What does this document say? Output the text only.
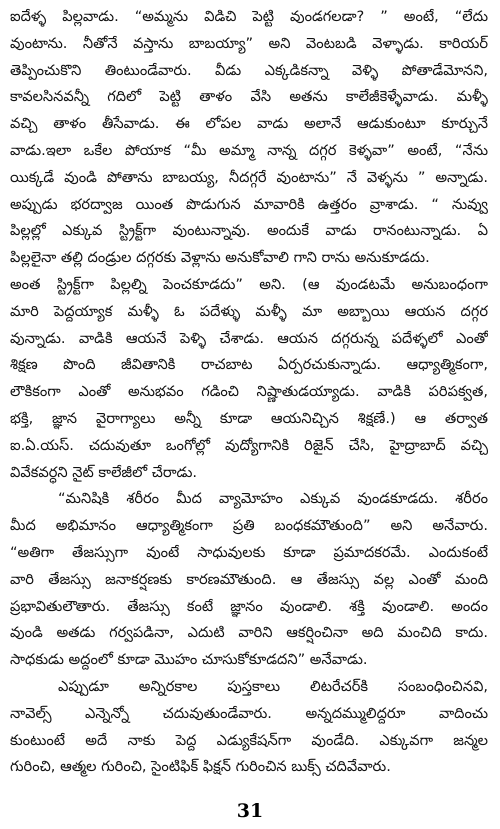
ఐదేళ్ళ పిల్లవాడు. “అమ్మను విడిచి పెట్టి వుండగలడా? ” అంటే, “లేదు
వుంటాను. నీతోనే వస్తాను బాబయ్యా” అని వెంటబడి వెళ్ళాడు. కారియర్
తెప్పించుకొని తింటుండేవారు. వీడు ఎక్కడికన్నా వెళ్ళి పోతాడేమోనని,
కావలసినవన్నీ గదిలో పెట్టి తాళం వేసి అతను కాలేజీకెళ్ళేవాడు. మళ్ళీ
వచ్చి తాళం తీసేవాడు. ఈ లోపల వాడు అలానే ఆడుకుంటూ కూర్చునే
వాడు.ఇలా ఒకేల పోయాక “మీ అమ్మా నాన్న దగ్గర కెళ్ళవా” అంటే, “నేను
యిక్కడే వుండి పోతాను బాబయ్య, నీదగ్గరే వుంటాను” నే వెళ్ళను ” అన్నాడు.
అప్పుడు భరద్వాజ యింత పొడుగున మావారికి ఉత్తరం వ్రాశాడు. “ నువ్వు
పిల్లల్లో ఎక్కువ స్ట్రిక్ట్‌గా వుంటున్నావు. అందుకే వాడు రానంటున్నాడు. ఏ
పిల్లలైనా తల్లి దండ్రుల దగ్గరకు వెళ్లాను అనుకోవాలి గాని రాను అనుకూడదు.
అంత స్ట్రిక్ట్‌గా పిల్లల్ని పెంచకూడదు” అని. (ఆ వుండటమే అనుబంధంగా
మారి పెద్దయ్యాక మళ్ళీ ఓ పదేళ్ళు మళ్ళీ మా అబ్బాయి ఆయన దగ్గర
వున్నాడు. వాడికి ఆయనే పెళ్ళి చేశాడు. ఆయన దగ్గరున్న పదేళ్ళలో ఎంతో
శిక్షణ పొంది జీవితానికి రాచబాట ఏర్పరచుకున్నాడు. ఆధ్యాత్మికంగా,
లౌకికంగా ఎంతో అనుభవం గడించి నిష్ణాతుడయ్యాడు. వాడికి పరిపక్వత,
భక్తి, జ్ఞాన వైరాగ్యాలు అన్నీ కూడా ఆయనిచ్చిన శిక్షణే.) ఆ తర్వాత
ఐ.ఏ.యస్. చదువుతూ ఒంగోల్లో వుద్యోగానికి రిజైన్ చేసి, హైద్రాబాద్ వచ్చి
వివేకవర్ధని నైట్ కాలేజీలో చేరాడు.
“మనిషికి శరీరం మీద వ్యామోహం ఎక్కువ వుండకూడదు. శరీరం
మీద అభిమానం ఆధ్యాత్మికంగా ప్రతి బంధకమౌతుంది” అని అనేవారు.
“అతిగా తేజస్సుగా వుంటే సాధువులకు కూడా ప్రమాదకరమే. ఎందుకంటే
వారి తేజస్సు జనాకర్షణకు కారణమౌతుంది. ఆ తేజస్సు వల్ల ఎంతో మంది
ప్రభావితులౌతారు. తేజస్సు కంటే జ్ఞానం వుండాలి. శక్తి వుండాలి. అందం
వుండి అతడు గర్వపడినా, ఎదుటి వారిని ఆకర్షించినా అది మంచిది కాదు.
సాధకుడు అద్దంలో కూడా మొహం చూసుకోకూడదని” అనేవాడు.
ఎప్పుడూ అన్నిరకాల పుస్తకాలు లిటరేచర్‌కి సంబంధించినవి,
నావెల్స్ ఎన్నెన్నో చదువుతుండేవారు. అన్నదమ్ములిద్దరూ వాదించు
కుంటుంటే అదే నాకు పెద్ద ఎడ్యుకేషన్‌గా వుండేది. ఎక్కువగా జన్మల
గురించి, ఆత్మల గురించి, సైంటిఫిక్ ఫిక్షన్ గురించిన బుక్స్ చదివేవారు.
31
